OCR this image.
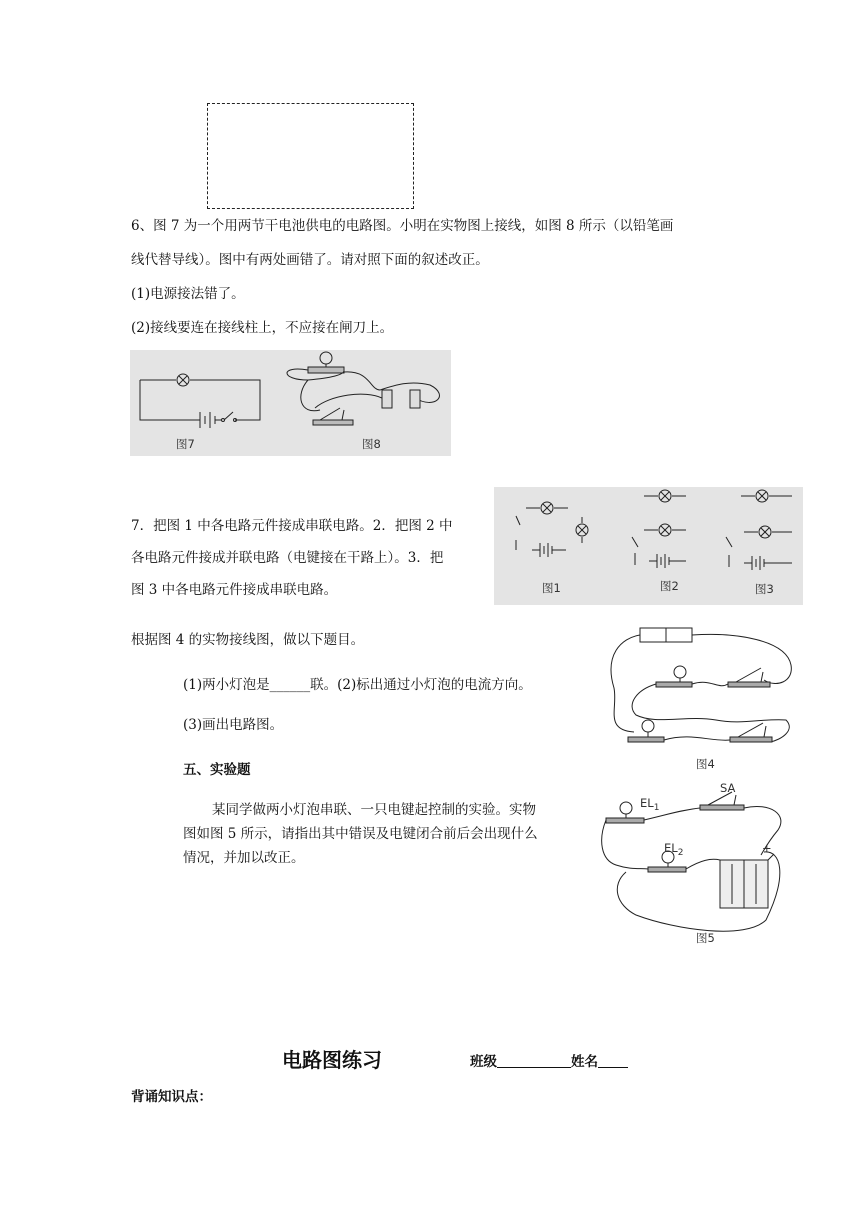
6、图 7 为一个用两节干电池供电的电路图。小明在实物图上接线，如图 8 所示（以铅笔画
线代替导线）。图中有两处画错了。请对照下面的叙述改正。
(1)电源接法错了。
(2)接线要连在接线柱上，不应接在闸刀上。
图7	图8
7．把图 1 中各电路元件接成串联电路。2．把图 2 中
各电路元件接成并联电路（电键接在干路上）。3．把
图 3 中各电路元件接成串联电路。	图1	图2	图3
根据图 4 的实物接线图，做以下题目。
(1)两小灯泡是______联。(2)标出通过小灯泡的电流方向。
(3)画出电路图。
图4
五、实验题
某同学做两小灯泡串联、一只电键起控制的实验。实物
图如图 5 所示，请指出其中错误及电键闭合前后会出现什么
情况，并加以改正。
$EL_1$
$EL_2$
SA
+
图5
电路图练习	班级	姓名
背诵知识点：
